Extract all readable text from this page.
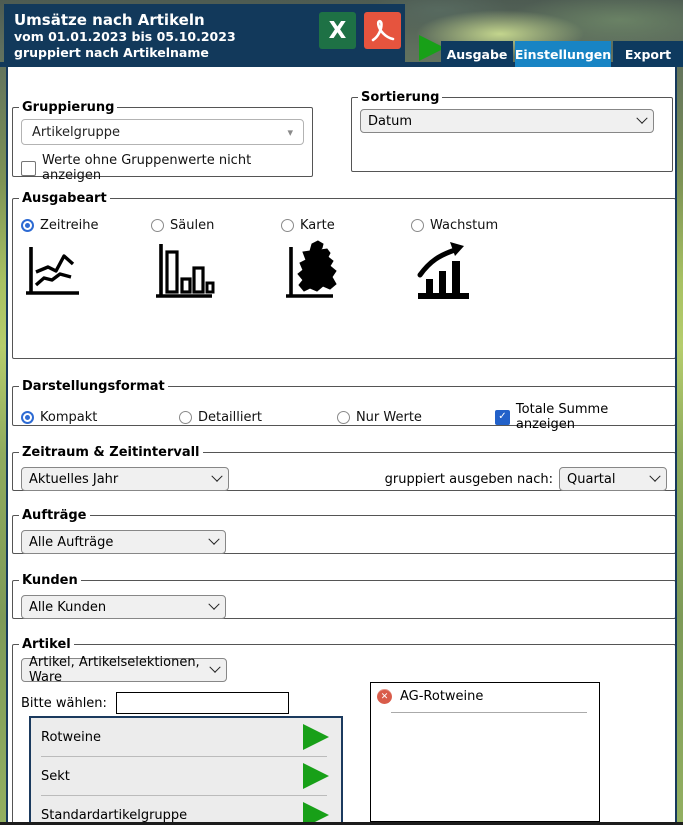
Umsätze nach Artikeln
vom 01.01.2023 bis 05.10.2023
gruppiert nach Artikelname
X
Ausgabe Einstellungen	Export
Gruppierung
Artikelgruppe	▾
Werte ohne Gruppenwerte nicht anzeigen
Sortierung
Datum
Ausgabeart
Zeitreihe	Säulen	Karte	Wachstum
Darstellungsformat
Kompakt	Detailliert	Nur Werte	✓ Totale Summe anzeigen
Zeitraum & Zeitintervall
Aktuelles Jahr	gruppiert ausgeben nach: Quartal
Aufträge
Alle Aufträge
Kunden
Alle Kunden
Artikel
Artikel, Artikelselektionen, Ware
Bitte wählen:
Rotweine
Sekt
Standardartikelgruppe
✕ AG-Rotweine
